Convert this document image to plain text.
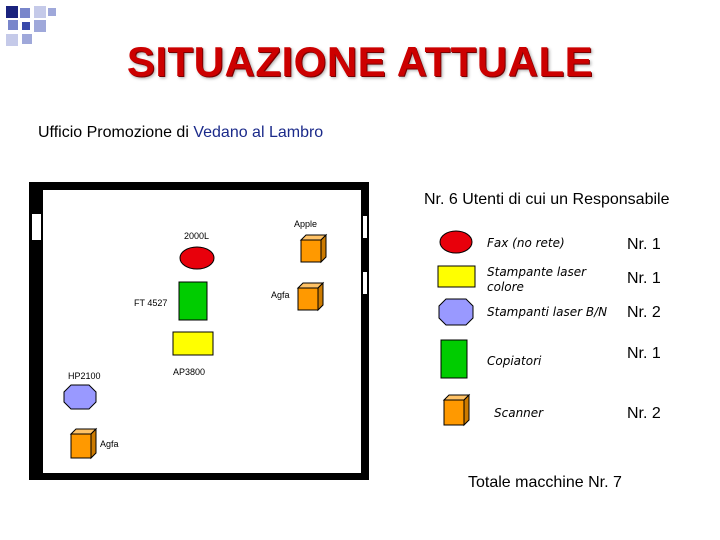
SITUAZIONE ATTUALE
Ufficio Promozione di Vedano al Lambro
Nr. 6 Utenti di cui un Responsabile
Apple
2000L
Agfa
FT 4527
AP3800
HP2100
Agfa
Fax (no rete)	Nr. 1
Stampante laser colore	Nr. 1
Stampanti laser B/N Nr. 2
Copiatori	Nr. 1
Scanner	Nr. 2
Totale macchine Nr. 7
